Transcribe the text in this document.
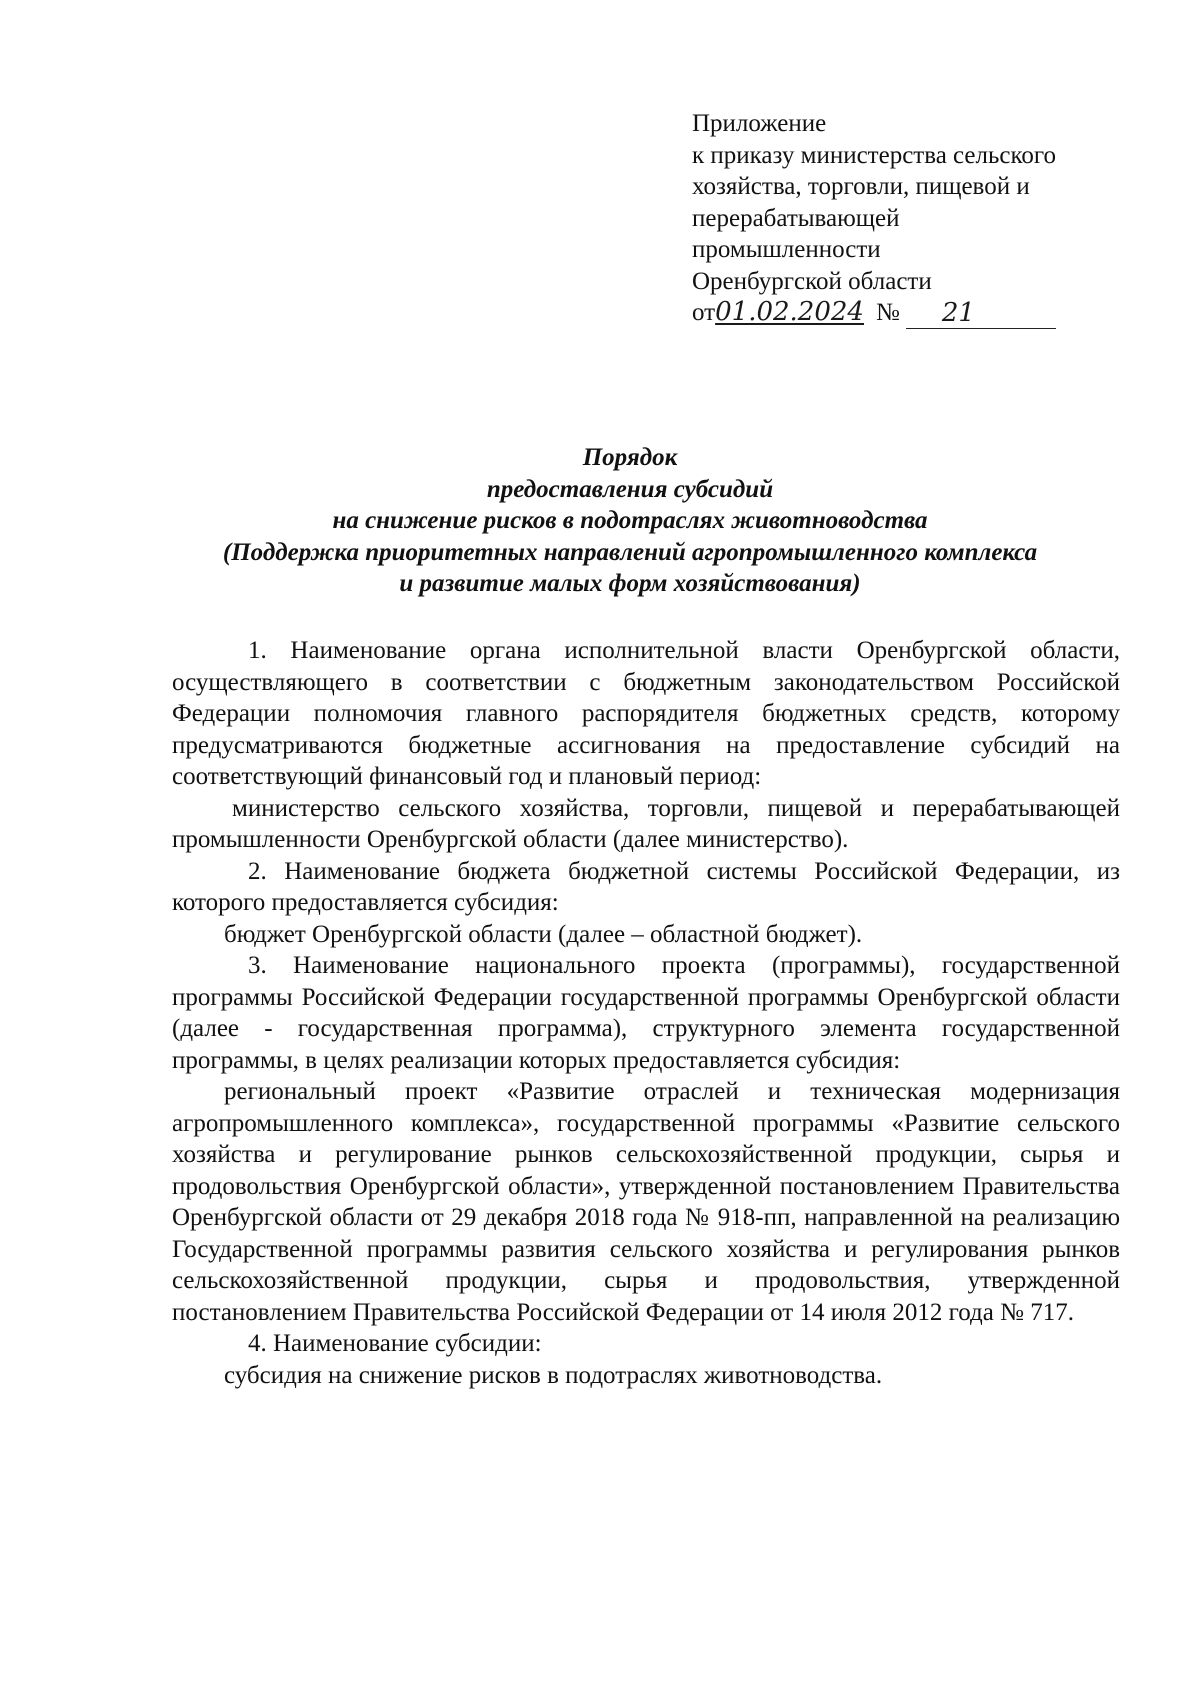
Приложение
к приказу министерства сельского
хозяйства, торговли, пищевой и
перерабатывающей
промышленности
Оренбургской области
от 01.02.2024 № 21
Порядок
предоставления субсидий
на снижение рисков в подотраслях животноводства
(Поддержка приоритетных направлений агропромышленного комплекса
и развитие малых форм хозяйствования)

1. Наименование органа исполнительной власти Оренбургской области, осуществляющего в соответствии с бюджетным законодательством Российской Федерации полномочия главного распорядителя бюджетных средств, которому предусматриваются бюджетные ассигнования на предоставление субсидий на соответствующий финансовый год и плановый период:

министерство сельского хозяйства, торговли, пищевой и перерабатывающей промышленности Оренбургской области (далее министерство).

2. Наименование бюджета бюджетной системы Российской Федерации, из которого предоставляется субсидия:

бюджет Оренбургской области (далее – областной бюджет).

3. Наименование национального проекта (программы), государственной программы Российской Федерации государственной программы Оренбургской области (далее - государственная программа), структурного элемента государственной программы, в целях реализации которых предоставляется субсидия:

региональный проект «Развитие отраслей и техническая модернизация агропромышленного комплекса», государственной программы «Развитие сельского хозяйства и регулирование рынков сельскохозяйственной продукции, сырья и продовольствия Оренбургской области», утвержденной постановлением Правительства Оренбургской области от 29 декабря 2018 года № 918-пп, направленной на реализацию Государственной программы развития сельского хозяйства и регулирования рынков сельскохозяйственной продукции, сырья и продовольствия, утвержденной постановлением Правительства Российской Федерации от 14 июля 2012 года № 717.

4. Наименование субсидии:

субсидия на снижение рисков в подотраслях животноводства.
